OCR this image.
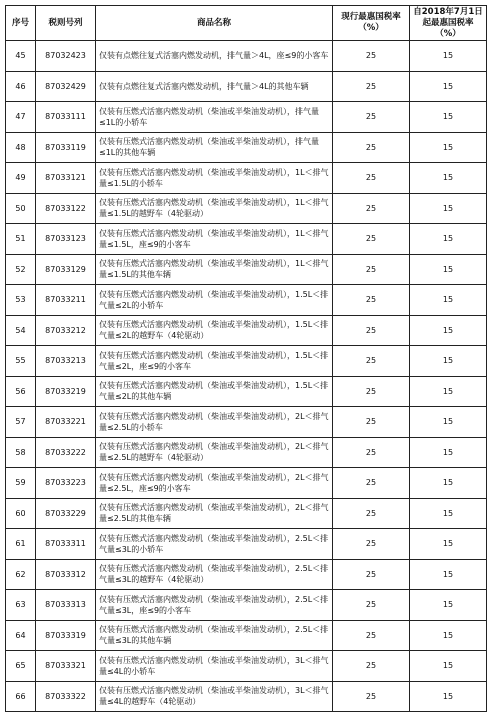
序号	税则号列	商品名称	现行最惠国税率（%）	自2018年7月1日起最惠国税率（%）
45	87032423	仅装有点燃往复式活塞内燃发动机，排气量＞4L，座≤9的小客车	25	15
46	87032429	仅装有点燃往复式活塞内燃发动机，排气量＞4L的其他车辆	25	15
47	87033111	仅装有压燃式活塞内燃发动机（柴油或半柴油发动机），排气量≤1L的小轿车	25	15
48	87033119	仅装有压燃式活塞内燃发动机（柴油或半柴油发动机），排气量≤1L的其他车辆	25	15
49	87033121	仅装有压燃式活塞内燃发动机（柴油或半柴油发动机），1L＜排气量≤1.5L的小轿车	25	15
50	87033122	仅装有压燃式活塞内燃发动机（柴油或半柴油发动机），1L＜排气量≤1.5L的越野车（4轮驱动）	25	15
51	87033123	仅装有压燃式活塞内燃发动机（柴油或半柴油发动机），1L＜排气量≤1.5L，座≤9的小客车	25	15
52	87033129	仅装有压燃式活塞内燃发动机（柴油或半柴油发动机），1L＜排气量≤1.5L的其他车辆	25	15
53	87033211	仅装有压燃式活塞内燃发动机（柴油或半柴油发动机），1.5L＜排气量≤2L的小轿车	25	15
54	87033212	仅装有压燃式活塞内燃发动机（柴油或半柴油发动机），1.5L＜排气量≤2L的越野车（4轮驱动）	25	15
55	87033213	仅装有压燃式活塞内燃发动机（柴油或半柴油发动机），1.5L＜排气量≤2L，座≤9的小客车	25	15
56	87033219	仅装有压燃式活塞内燃发动机（柴油或半柴油发动机），1.5L＜排气量≤2L的其他车辆	25	15
57	87033221	仅装有压燃式活塞内燃发动机（柴油或半柴油发动机），2L＜排气量≤2.5L的小轿车	25	15
58	87033222	仅装有压燃式活塞内燃发动机（柴油或半柴油发动机），2L＜排气量≤2.5L的越野车（4轮驱动）	25	15
59	87033223	仅装有压燃式活塞内燃发动机（柴油或半柴油发动机），2L＜排气量≤2.5L，座≤9的小客车	25	15
60	87033229	仅装有压燃式活塞内燃发动机（柴油或半柴油发动机），2L＜排气量≤2.5L的其他车辆	25	15
61	87033311	仅装有压燃式活塞内燃发动机（柴油或半柴油发动机），2.5L＜排气量≤3L的小轿车	25	15
62	87033312	仅装有压燃式活塞内燃发动机（柴油或半柴油发动机），2.5L＜排气量≤3L的越野车（4轮驱动）	25	15
63	87033313	仅装有压燃式活塞内燃发动机（柴油或半柴油发动机），2.5L＜排气量≤3L，座≤9的小客车	25	15
64	87033319	仅装有压燃式活塞内燃发动机（柴油或半柴油发动机），2.5L＜排气量≤3L的其他车辆	25	15
65	87033321	仅装有压燃式活塞内燃发动机（柴油或半柴油发动机），3L＜排气量≤4L的小轿车	25	15
66	87033322	仅装有压燃式活塞内燃发动机（柴油或半柴油发动机），3L＜排气量≤4L的越野车（4轮驱动）	25	15
